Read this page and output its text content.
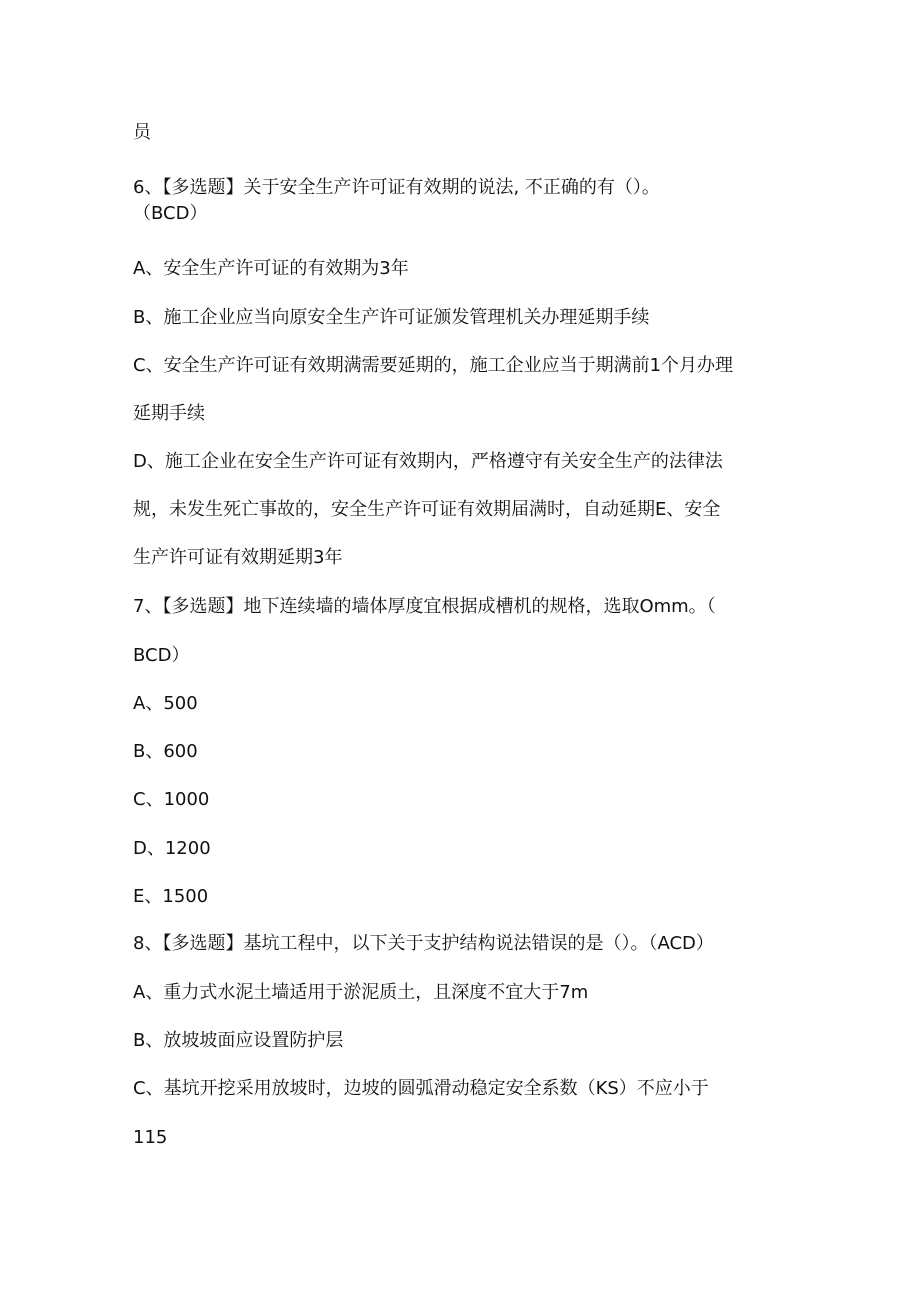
员
6、【多选题】关于安全生产许可证有效期的说法, 不正确的有（）。
（BCD）
A、安全生产许可证的有效期为3年
B、施工企业应当向原安全生产许可证颁发管理机关办理延期手续
C、安全生产许可证有效期满需要延期的，施工企业应当于期满前1个月办理
延期手续
D、施工企业在安全生产许可证有效期内，严格遵守有关安全生产的法律法
规，未发生死亡事故的，安全生产许可证有效期届满时，自动延期E、安全
生产许可证有效期延期3年
7、【多选题】地下连续墙的墙体厚度宜根据成槽机的规格，选取Omm。（
BCD）
A、500
B、600
C、1000
D、1200
E、1500
8、【多选题】基坑工程中，以下关于支护结构说法错误的是（）。（ACD）
A、重力式水泥土墙适用于淤泥质土，且深度不宜大于7m
B、放坡坡面应设置防护层
C、基坑开挖采用放坡时，边坡的圆弧滑动稳定安全系数（KS）不应小于
115
